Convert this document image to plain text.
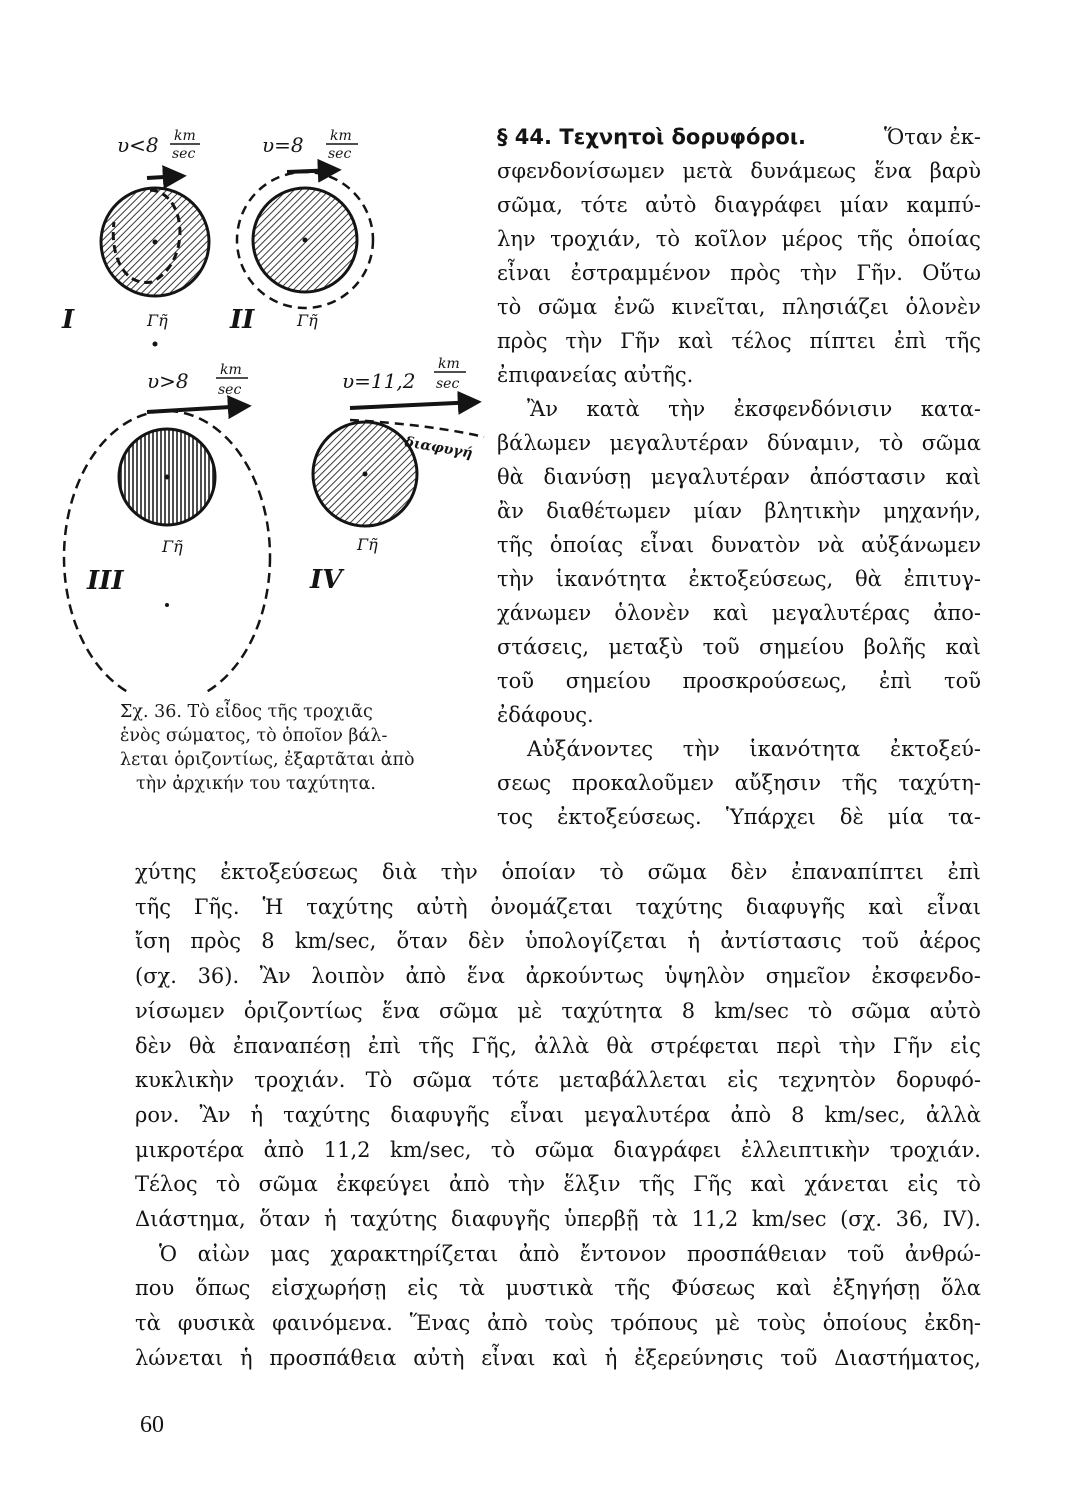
υ<8 km
sec
I	Γῆ
υ=8 km
sec
II	Γῆ
υ>8 km
sec
Γῆ
III
υ=11,2
km
sec
διαφυγή
Γῆ
IV
Σχ. 36. Τὸ εἶδος τῆς τροχιᾶς
ἑνὸς σώματος, τὸ ὁποῖον βάλ-
λεται ὁριζοντίως, ἐξαρτᾶται ἀπὸ
τὴν ἀρχικήν του ταχύτητα.
§ 44. Τεχνητοὶ δορυφόροι.	Ὅταν ἐκ-
σφενδονίσωμεν μετὰ δυνάμεως ἕνα βαρὺ
σῶμα, τότε αὐτὸ διαγράφει μίαν καμπύ-
λην τροχιάν, τὸ κοῖλον μέρος τῆς ὁποίας
εἶναι ἐστραμμένον πρὸς τὴν Γῆν. Οὕτω
τὸ σῶμα ἐνῶ κινεῖται, πλησιάζει ὁλονὲν
πρὸς τὴν Γῆν καὶ τέλος πίπτει ἐπὶ τῆς
ἐπιφανείας αὐτῆς.
Ἂν κατὰ τὴν ἐκσφενδόνισιν κατα-
βάλωμεν μεγαλυτέραν δύναμιν, τὸ σῶμα
θὰ διανύσῃ μεγαλυτέραν ἀπόστασιν καὶ
ἂν διαθέτωμεν μίαν βλητικὴν μηχανήν,
τῆς ὁποίας εἶναι δυνατὸν νὰ αὐξάνωμεν
τὴν ἱκανότητα ἐκτοξεύσεως, θὰ ἐπιτυγ-
χάνωμεν ὁλονὲν καὶ μεγαλυτέρας ἀπο-
στάσεις, μεταξὺ τοῦ σημείου βολῆς καὶ
τοῦ σημείου προσκρούσεως, ἐπὶ τοῦ
ἐδάφους.
Αὐξάνοντες τὴν ἱκανότητα ἐκτοξεύ-
σεως προκαλοῦμεν αὔξησιν τῆς ταχύτη-
τος ἐκτοξεύσεως. Ὑπάρχει δὲ μία τα-
χύτης ἐκτοξεύσεως διὰ τὴν ὁποίαν τὸ σῶμα δὲν ἐπαναπίπτει ἐπὶ
τῆς Γῆς. Ἡ ταχύτης αὐτὴ ὀνομάζεται ταχύτης διαφυγῆς καὶ εἶναι
ἴση πρὸς 8 km/sec, ὅταν δὲν ὑπολογίζεται ἡ ἀντίστασις τοῦ ἀέρος
(σχ. 36). Ἂν λοιπὸν ἀπὸ ἕνα ἀρκούντως ὑψηλὸν σημεῖον ἐκσφενδο-
νίσωμεν ὁριζοντίως ἕνα σῶμα μὲ ταχύτητα 8 km/sec τὸ σῶμα αὐτὸ
δὲν θὰ ἐπαναπέσῃ ἐπὶ τῆς Γῆς, ἀλλὰ θὰ στρέφεται περὶ τὴν Γῆν εἰς
κυκλικὴν τροχιάν. Τὸ σῶμα τότε μεταβάλλεται εἰς τεχνητὸν δορυφό-
ρον. Ἂν ἡ ταχύτης διαφυγῆς εἶναι μεγαλυτέρα ἀπὸ 8 km/sec, ἀλλὰ
μικροτέρα ἀπὸ 11,2 km/sec, τὸ σῶμα διαγράφει ἐλλειπτικὴν τροχιάν.
Τέλος τὸ σῶμα ἐκφεύγει ἀπὸ τὴν ἕλξιν τῆς Γῆς καὶ χάνεται εἰς τὸ
Διάστημα, ὅταν ἡ ταχύτης διαφυγῆς ὑπερβῇ τὰ 11,2 km/sec (σχ. 36, IV).
Ὁ αἰὼν μας χαρακτηρίζεται ἀπὸ ἔντονον προσπάθειαν τοῦ ἀνθρώ-
που ὅπως εἰσχωρήσῃ εἰς τὰ μυστικὰ τῆς Φύσεως καὶ ἐξηγήσῃ ὅλα
τὰ φυσικὰ φαινόμενα. Ἕνας ἀπὸ τοὺς τρόπους μὲ τοὺς ὁποίους ἐκδη-
λώνεται ἡ προσπάθεια αὐτὴ εἶναι καὶ ἡ ἐξερεύνησις τοῦ Διαστήματος,
60
